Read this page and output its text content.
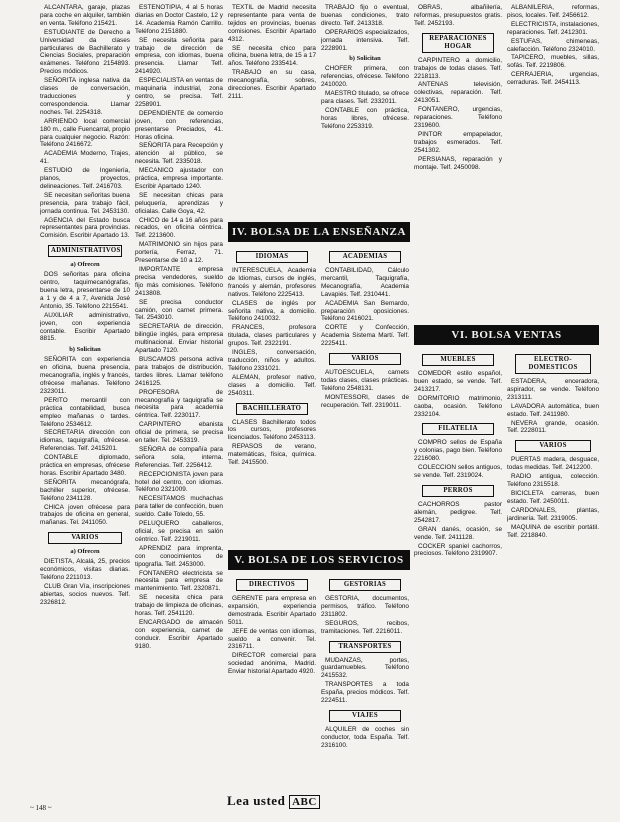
ALCANTARA, garaje, plazas para coche en alquiler, también en venta. Teléfono 215421.

ESTUDIANTE de Derecho a Universidad da clases particulares de Bachillerato y Ciencias Sociales, preparación exámenes. Teléfono 2154893. Precios módicos.

SEÑORITA inglesa nativa da clases de conversación, traducciones y correspondencia. Llamar noches. Tel. 2254318.

ARRIENDO local comercial 180 m., calle Fuencarral, propio para cualquier negocio. Razón: Teléfono 2416672.

ACADEMIA Moderno, Trajes, 41.

ESTUDIO de Ingeniería, planos, proyectos, delineaciones. Telf. 2416703.

SE necesitan señoritas buena presencia, para trabajo fácil, jornada continua. Tel. 2453130.

AGENCIA del Estado busca representantes para provincias. Comisión. Escribir Apartado 13.

ADMINISTRATIVOS
a) Ofrecen

DOS señoritas para oficina centro, taquimecanógrafas, buena letra, presentarse de 10 a 1 y de 4 a 7, Avenida José Antonio, 35. Teléfono 2215541.

AUXILIAR administrativo, joven, con experiencia contable. Escribir Apartado 8815.

b) Solicitan

SEÑORITA con experiencia en oficina, buena presencia, mecanografía, inglés y francés, ofrécese mañanas. Teléfono 2323011.

PERITO mercantil con práctica contabilidad, busca empleo mañanas o tardes. Teléfono 2534612.

SECRETARIA dirección con idiomas, taquigrafía, ofrécese. Referencias. Telf. 2415201.

CONTABLE diplomado, práctica en empresas, ofrécese horas. Escribir Apartado 3480.

SEÑORITA mecanógrafa, bachiller superior, ofrécese. Teléfono 2341128.

CHICA joven ofrécese para trabajos de oficina en general, mañanas. Tel. 2411050.

VARIOS
a) Ofrecen

DIETISTA, Alcalá, 25, precios económicos, visitas diarias. Teléfono 2211013.

CLUB Gran Vía, inscripciones abiertas, socios nuevos. Telf. 2326812.

ESTENOTIPIA, 4 al 5 horas diarias en Doctor Castelo, 12 y 14. Academia Ramón Carrillo. Teléfono 2151880.

SE necesita señorita para trabajo de dirección de empresa, con idiomas, buena presencia. Llamar Telf. 2414920.

ESPECIALISTA en ventas de maquinaria industrial, zona centro, se precisa. Telf. 2258901.

DEPENDIENTE de comercio joven, con referencias, presentarse Preciados, 41. Horas oficina.

SEÑORITA para Recepción y atención al público, se necesita. Telf. 2335018.

MECANICO ajustador con práctica, empresa importante. Escribir Apartado 1240.

SE necesitan chicas para peluquería, aprendizas y oficialas. Calle Goya, 42.

CHICO de 14 a 16 años para recados, en oficina céntrica. Telf. 2213600.

MATRIMONIO sin hijos para portería, Ferraz, 71. Presentarse de 10 a 12.

IMPORTANTE empresa precisa vendedores, sueldo fijo más comisiones. Teléfono 2413808.

SE precisa conductor camión, con carnet primera. Tel. 2543010.

SECRETARIA de dirección, bilingüe inglés, para empresa multinacional. Enviar historial Apartado 7120.

BUSCAMOS persona activa para trabajos de distribución, tardes libres. Llamar teléfono 2416125.

PROFESORA de mecanografía y taquigrafía se necesita para academia céntrica. Telf. 2230117.

CARPINTERO ebanista oficial de primera, se precisa en taller. Tel. 2453319.

SEÑORA de compañía para señora sola, interna. Referencias. Telf. 2256412.

RECEPCIONISTA joven para hotel del centro, con idiomas. Teléfono 2321009.

NECESITAMOS muchachas para taller de confección, buen sueldo. Calle Toledo, 55.

PELUQUERO caballeros, oficial, se precisa en salón céntrico. Telf. 2219011.

APRENDIZ para imprenta, con conocimientos de tipografía. Telf. 2453000.

FONTANERO electricista se necesita para empresa de mantenimiento. Telf. 2320871.

SE necesita chica para trabajo de limpieza de oficinas, horas. Telf. 2541120.

ENCARGADO de almacén con experiencia, carnet de conducir. Escribir Apartado 9180.

TEXTIL de Madrid necesita representante para venta de tejidos en provincias, buenas comisiones. Escribir Apartado 4312.

SE necesita chico para oficina, buena letra, de 15 a 17 años. Teléfono 2335414.

TRABAJO en su casa, mecanografía, sobres, direcciones. Escribir Apartado 2111.

TRABAJO fijo o eventual, buenas condiciones, trato directo. Telf. 2413318.

OPERARIOS especializados, jornada intensiva. Telf. 2228901.

b) Solicitan

CHOFER primera, con referencias, ofrécese. Teléfono 2410020.

MAESTRO titulado, se ofrece para clases. Telf. 2332011.

CONTABLE con práctica, horas libres, ofrécese. Teléfono 2253319.

IV. BOLSA DE LA ENSEÑANZA
IDIOMAS

INTERESCUELA, Academia de Idiomas, cursos de inglés, francés y alemán, profesores nativos. Teléfono 2225413.

CLASES de inglés por señorita nativa, a domicilio. Teléfono 2410032.

FRANCES, profesora titulada, clases particulares y grupos. Telf. 2322191.

INGLES, conversación, traducción, niños y adultos. Teléfono 2331021.

ALEMAN, profesor nativo, clases a domicilio. Telf. 2540311.

BACHILLERATO

CLASES Bachillerato todos los cursos, profesores licenciados. Teléfono 2453113.

REPASOS de verano, matemáticas, física, química. Telf. 2415500.

ACADEMIAS

CONTABILIDAD, Cálculo mercantil, Taquigrafía, Mecanografía, Academia Lavapiés. Telf. 2310441.

ACADEMIA San Bernardo, preparación oposiciones. Teléfono 2416021.

CORTE y Confección, Academia Sistema Martí. Telf. 2225411.

VARIOS

AUTOESCUELA, carnets todas clases, clases prácticas. Teléfono 2548131.

MONTESSORI, clases de recuperación. Telf. 2319011.

V. BOLSA DE LOS SERVICIOS
DIRECTIVOS

GERENTE para empresa en expansión, experiencia demostrada. Escribir Apartado 5011.

JEFE de ventas con idiomas, sueldo a convenir. Tel. 2316711.

DIRECTOR comercial para sociedad anónima, Madrid. Enviar historial Apartado 4920.

GESTORIAS

GESTORIA, documentos, permisos, tráfico. Teléfono 2311802.

SEGUROS, recibos, tramitaciones. Telf. 2216011.

TRANSPORTES

MUDANZAS, portes, guardamuebles. Teléfono 2415532.

TRANSPORTES a toda España, precios módicos. Telf. 2224511.

VIAJES

ALQUILER de coches sin conductor, toda España. Telf. 2316100.

OBRAS, albañilería, reformas, presupuestos gratis. Telf. 2452193.

REPARACIONES HOGAR

CARPINTERO a domicilio, trabajos de todas clases. Telf. 2218113.

ANTENAS televisión, colectivas, reparación. Telf. 2413051.

FONTANERO, urgencias, reparaciones. Teléfono 2319600.

PINTOR empapelador, trabajos esmerados. Telf. 2541302.

PERSIANAS, reparación y montaje. Telf. 2450098.

ALBAÑILERIA, reformas, pisos, locales. Telf. 2456612.

ELECTRICISTA, instalaciones, reparaciones. Telf. 2412301.

ESTUFAS, chimeneas, calefacción. Teléfono 2324010.

TAPICERO, muebles, sillas, sofás. Telf. 2219806.

CERRAJERIA, urgencias, cerraduras. Telf. 2454113.

VI. BOLSA VENTAS
MUEBLES

COMEDOR estilo español, buen estado, se vende. Telf. 2413217.

DORMITORIO matrimonio, caoba, ocasión. Teléfono 2332104.

FILATELIA

COMPRO sellos de España y colonias, pago bien. Teléfono 2216080.

COLECCION sellos antiguos, se vende. Telf. 2319024.

PERROS

CACHORROS pastor alemán, pedigree. Telf. 2542817.

GRAN danés, ocasión, se vende. Telf. 2411128.

COCKER spaniel cachorros, preciosos. Teléfono 2319907.

ELECTRO-DOMESTICOS

ESTADERA, enceradora, aspirador, se vende. Teléfono 2313111.

LAVADORA automática, buen estado. Telf. 2411980.

NEVERA grande, ocasión. Telf. 2228011.

VARIOS

PUERTAS madera, desguace, todas medidas. Telf. 2412200.

RADIO antigua, colección. Teléfono 2315518.

BICICLETA carreras, buen estado. Telf. 2450011.

CARDONALES, plantas, jardinería. Telf. 2319005.

MAQUINA de escribir portátil. Telf. 2218840.

Lea usted ABC
~ 148 ~
